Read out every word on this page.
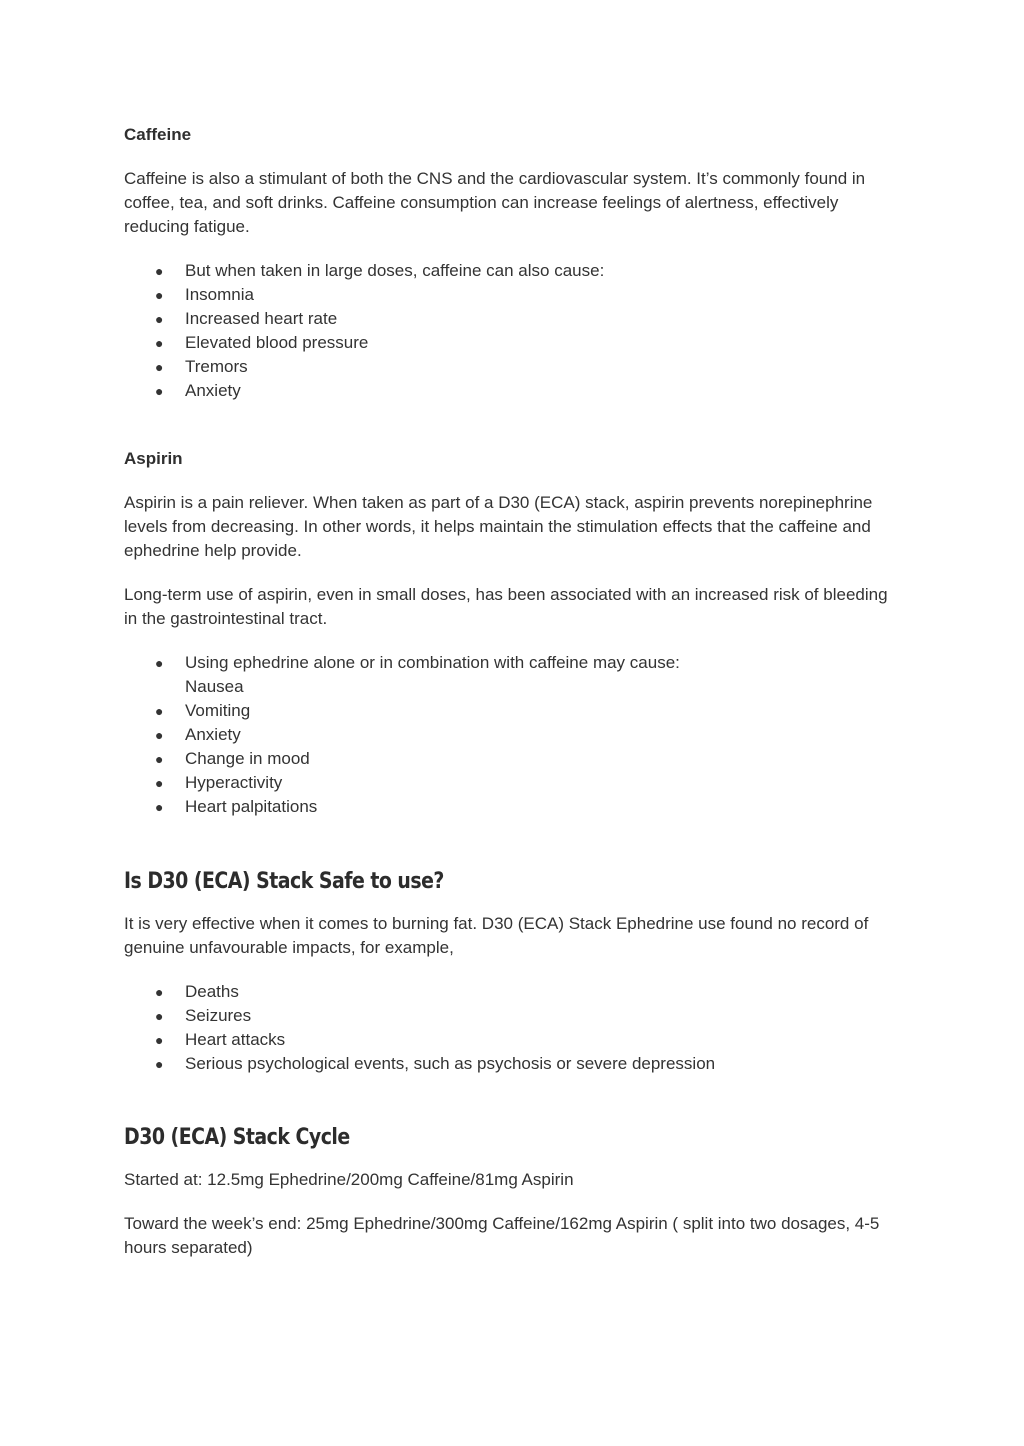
Caffeine

Caffeine is also a stimulant of both the CNS and the cardiovascular system. It’s commonly found in coffee, tea, and soft drinks. Caffeine consumption can increase feelings of alertness, effectively reducing fatigue.

● But when taken in large doses, caffeine can also cause:
● Insomnia
● Increased heart rate
● Elevated blood pressure
● Tremors
● Anxiety
Aspirin

Aspirin is a pain reliever. When taken as part of a D30 (ECA) stack, aspirin prevents norepinephrine levels from decreasing. In other words, it helps maintain the stimulation effects that the caffeine and ephedrine help provide.

Long-term use of aspirin, even in small doses, has been associated with an increased risk of bleeding in the gastrointestinal tract.

● Using ephedrine alone or in combination with caffeine may cause:
Nausea
● Vomiting
● Anxiety
● Change in mood
● Hyperactivity
● Heart palpitations
Is D30 (ECA) Stack Safe to use?

It is very effective when it comes to burning fat. D30 (ECA) Stack Ephedrine use found no record of genuine unfavourable impacts, for example,

● Deaths
● Seizures
● Heart attacks
● Serious psychological events, such as psychosis or severe depression
D30 (ECA) Stack Cycle

Started at: 12.5mg Ephedrine/200mg Caffeine/81mg Aspirin

Toward the week’s end: 25mg Ephedrine/300mg Caffeine/162mg Aspirin ( split into two dosages, 4-5 hours separated)
